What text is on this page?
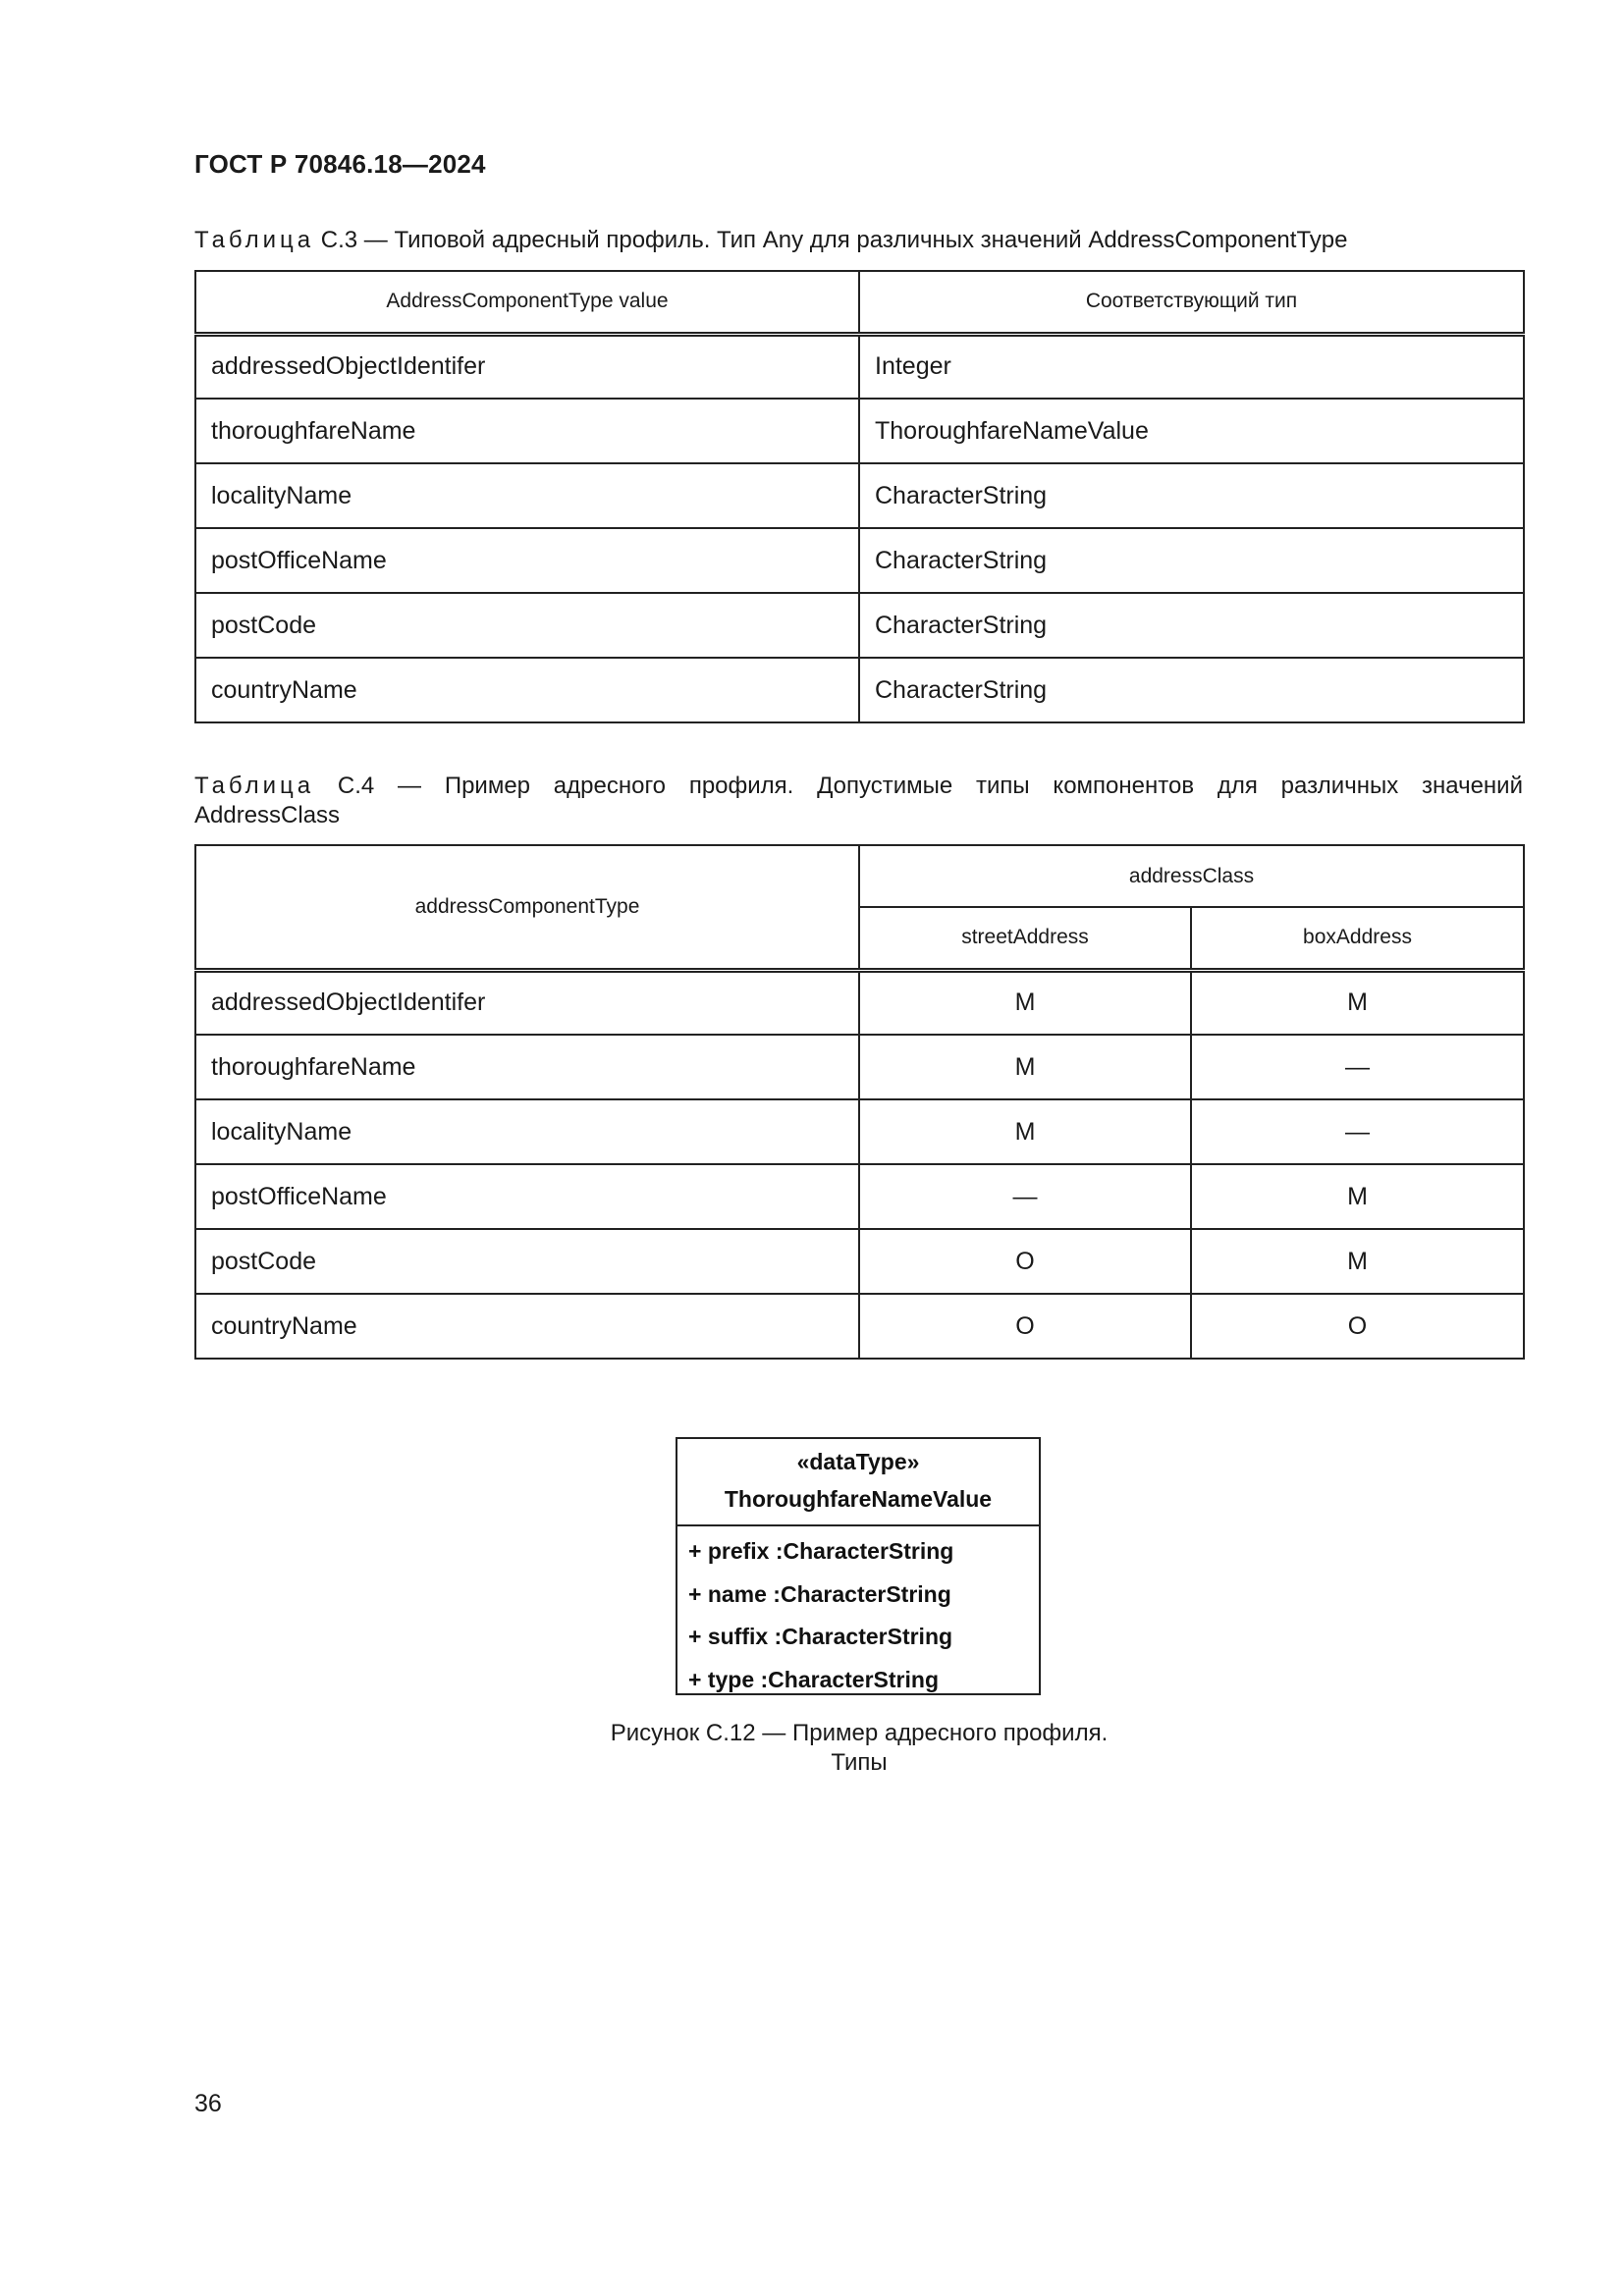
ГОСТ Р 70846.18—2024
Таблица С.3 — Типовой адресный профиль. Тип Any для различных значений AddressComponentType
AddressComponentType value	Соответствующий тип
addressedObjectIdentifer	Integer
thoroughfareName	ThoroughfareNameValue
localityName	CharacterString
postOfficeName	CharacterString
postCode	CharacterString
countryName	CharacterString
Таблица С.4 — Пример адресного профиля. Допустимые типы компонентов для различных значений
AddressClass
addressComponentType	addressClass	
	streetAddress	boxAddress
addressedObjectIdentifer	M	M
thoroughfareName	M	—
localityName	M	—
postOfficeName	—	M
postCode	O	M
countryName	O	O
«dataType»
ThoroughfareNameValue
+ prefix :CharacterString
+ name :CharacterString
+ suffix :CharacterString
+ type :CharacterString
Рисунок С.12 — Пример адресного профиля.
Типы
36
